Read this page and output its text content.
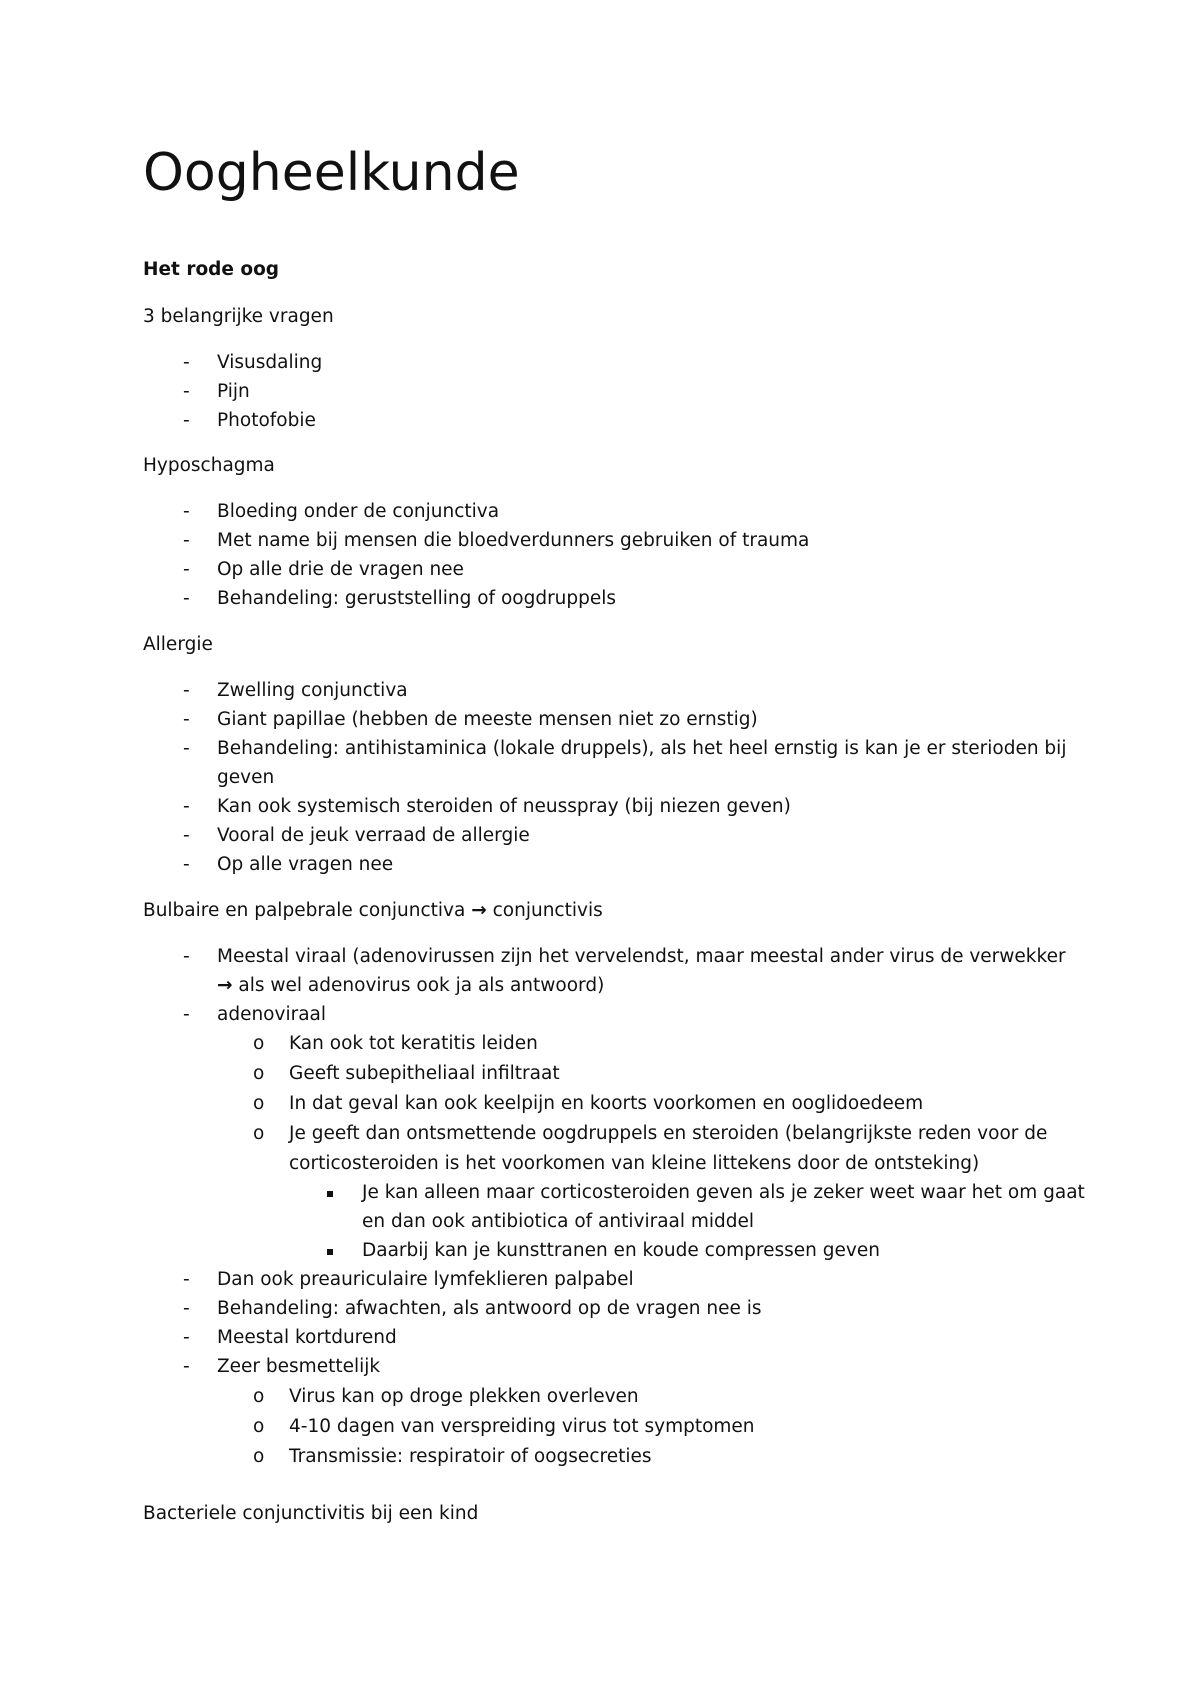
Oogheelkunde
Het rode oog
3 belangrijke vragen
- Visusdaling
- Pijn
- Photofobie
Hyposchagma
- Bloeding onder de conjunctiva
- Met name bij mensen die bloedverdunners gebruiken of trauma
- Op alle drie de vragen nee
- Behandeling: geruststelling of oogdruppels
Allergie
- Zwelling conjunctiva
- Giant papillae (hebben de meeste mensen niet zo ernstig)
- Behandeling: antihistaminica (lokale druppels), als het heel ernstig is kan je er sterioden bij
geven
- Kan ook systemisch steroiden of neusspray (bij niezen geven)
- Vooral de jeuk verraad de allergie
- Op alle vragen nee
Bulbaire en palpebrale conjunctiva → conjunctivis
- Meestal viraal (adenovirussen zijn het vervelendst, maar meestal ander virus de verwekker
→ als wel adenovirus ook ja als antwoord)
- adenoviraal
o Kan ook tot keratitis leiden
o Geeft subepitheliaal infiltraat
o In dat geval kan ook keelpijn en koorts voorkomen en ooglidoedeem
o Je geeft dan ontsmettende oogdruppels en steroiden (belangrijkste reden voor de
corticosteroiden is het voorkomen van kleine littekens door de ontsteking)
Je kan alleen maar corticosteroiden geven als je zeker weet waar het om gaat
en dan ook antibiotica of antiviraal middel
Daarbij kan je kunsttranen en koude compressen geven
- Dan ook preauriculaire lymfeklieren palpabel
- Behandeling: afwachten, als antwoord op de vragen nee is
- Meestal kortdurend
- Zeer besmettelijk
o Virus kan op droge plekken overleven
o 4-10 dagen van verspreiding virus tot symptomen
o Transmissie: respiratoir of oogsecreties
Bacteriele conjunctivitis bij een kind
